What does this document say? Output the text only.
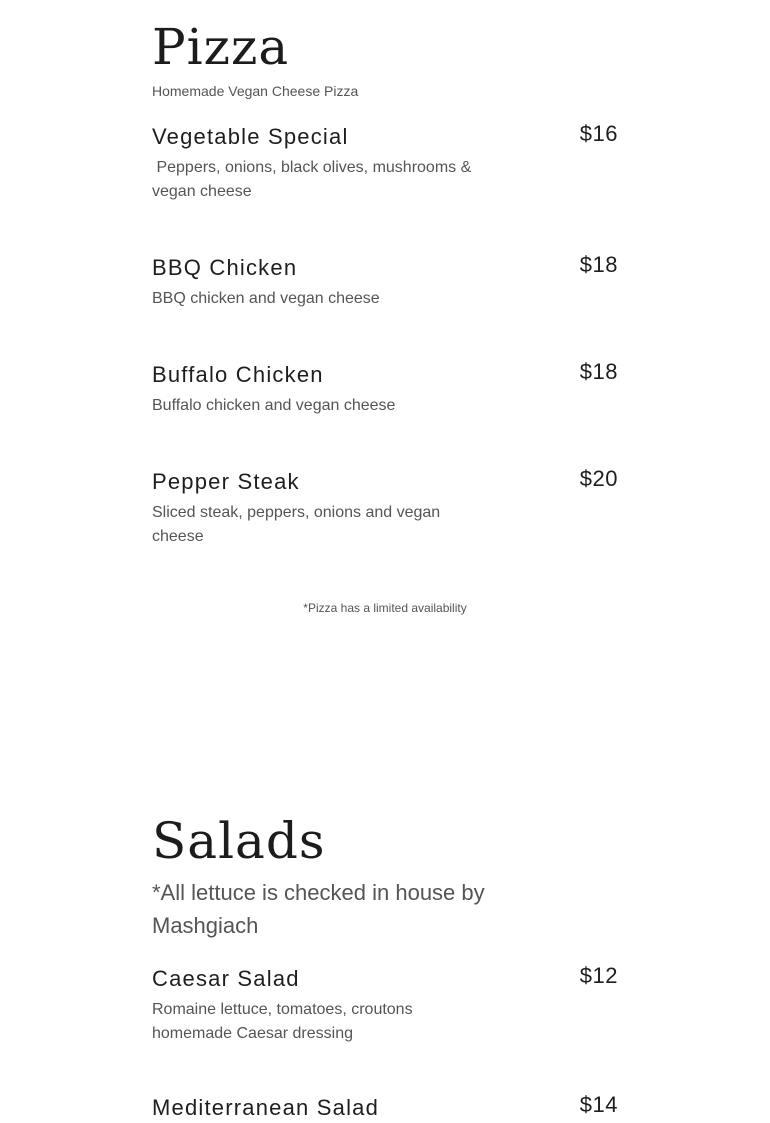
Pizza

Homemade Vegan Cheese Pizza

Vegetable Special	$16
Peppers, onions, black olives, mushrooms & vegan cheese
BBQ Chicken	$18
BBQ chicken and vegan cheese
Buffalo Chicken	$18
Buffalo chicken and vegan cheese
Pepper Steak	$20
Sliced steak, peppers, onions and vegan cheese
*Pizza has a limited availability
Salads

*All lettuce is checked in house by Mashgiach

Caesar Salad	$12
Romaine lettuce, tomatoes, croutons homemade Caesar dressing
Mediterranean Salad	$14
